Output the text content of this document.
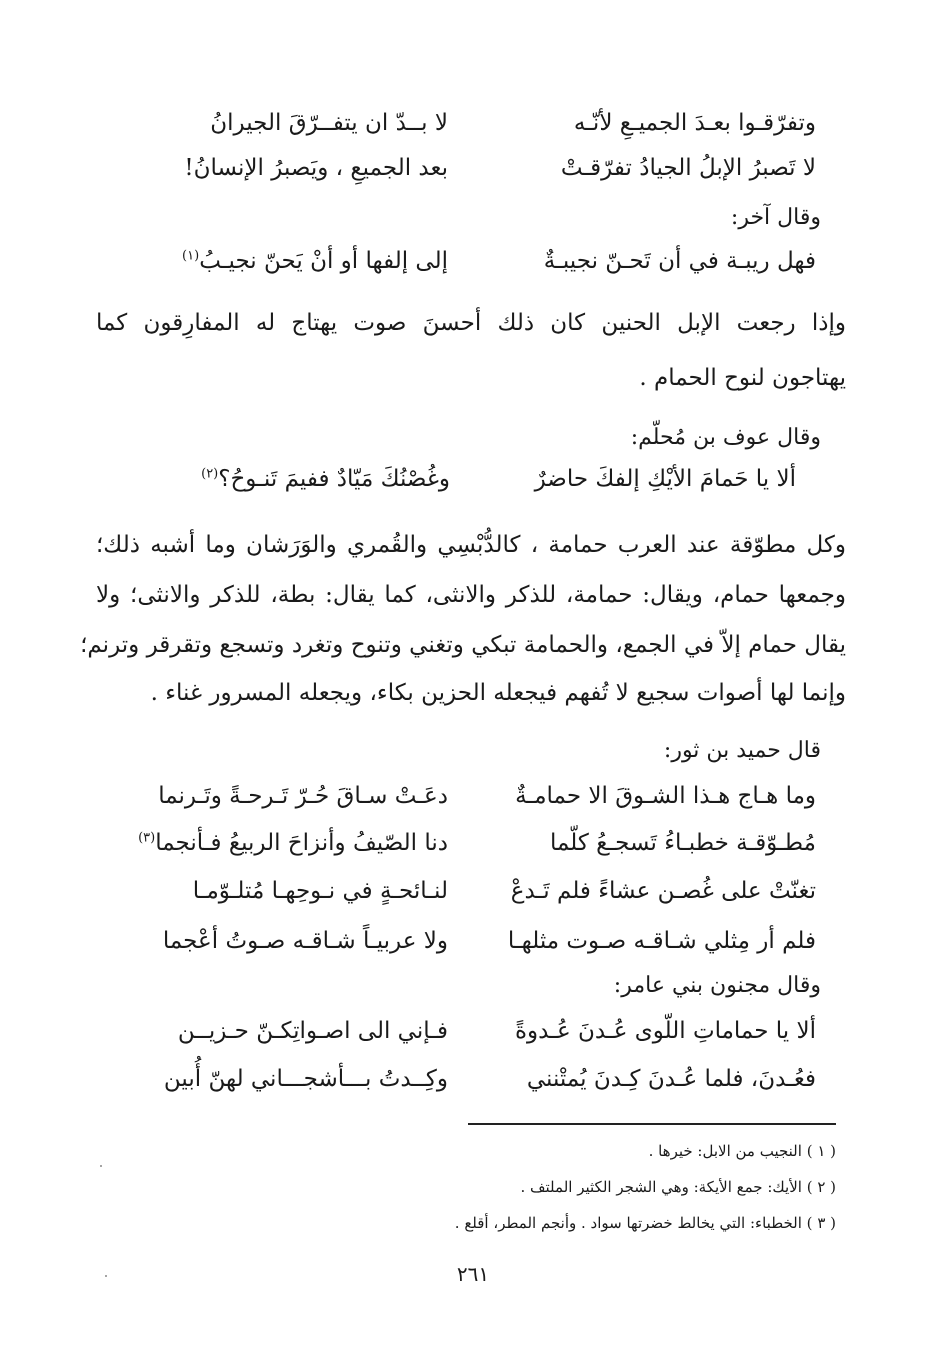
وتفرّقـوا بعـدَ الجميـعِ لأنّـه
لا بــدّ ان يتفــرّقَ الجيرانُ
لا تَصبرُ الإبلُ الجيادُ تفرّقـتْ
بعد الجميعِ ، ويَصبرُ الإنسانُ!
وقال آخر:
فهل ريبـة في أن تَحـنّ نجيبـةٌ
إلى إلفها أو أنْ يَحنّ نجيـبُ$^{(١)}$
وإذا رجعت الإبل الحنين كان ذلك أحسنَ صوت يهتاج له المفارِقون كما
يهتاجون لنوح الحمام .
وقال عوف بن مُحلّم:
ألا يا حَمامَ الأيْكِ إلفكَ حاضرٌ
وغُصْنُكَ مَيّادٌ ففيمَ تَنـوحُ؟$^{(٢)}$
وكل مطوّقة عند العرب حمامة ، كالدُّبْسِي والقُمري والوَرَشان وما أشبه ذلك؛
وجمعها حمام، ويقال: حمامة، للذكر والانثى، كما يقال: بطة، للذكر والانثى؛ ولا
يقال حمام إلاّ في الجمع، والحمامة تبكي وتغني وتنوح وتغرد وتسجع وتقرقر وترنم؛
وإنما لها أصوات سجيع لا تُفهم فيجعله الحزين بكاء، ويجعله المسرور غناء .
قال حميد بن ثور:
وما هـاج هـذا الشـوقَ الا حمامـةٌ
دعَـتْ سـاقَ حُـرّ تَـرحـةً وتَـرنما
مُطـوّقـة خطبـاءُ تَسجـعُ كلّما
دنا الصّيفُ وأنزاحَ الربيعُ فـأنجما$^{(٣)}$
تغنّتْ على غُصـن عشاءً فلم تَـدعْ
لنـائحـةٍ في نـوحِهـا مُتلـوّمـا
فلم أر مِثلي شـاقـه صـوت مثلهـا
ولا عربيـاً شـاقـه صـوتُ أعْجما
وقال مجنون بني عامر:
ألا يا حماماتِ اللّوى عُـدنَ عُـدوةً
فـإني الى اصـواتِكـنّ حـزيــن
فعُـدنَ، فلما عُـدنَ كِـدنَ يُمتْنني
وكِــدتُ بـــأشجـــاني لهنّ أُبين
( ١ ) النجيب من الابل: خيرها .
( ٢ ) الأيك: جمع الأيكة: وهي الشجر الكثير الملتف .
( ٣ ) الخطباء: التي يخالط خضرتها سواد . وأنجم المطر، أقلع .
٢٦١
